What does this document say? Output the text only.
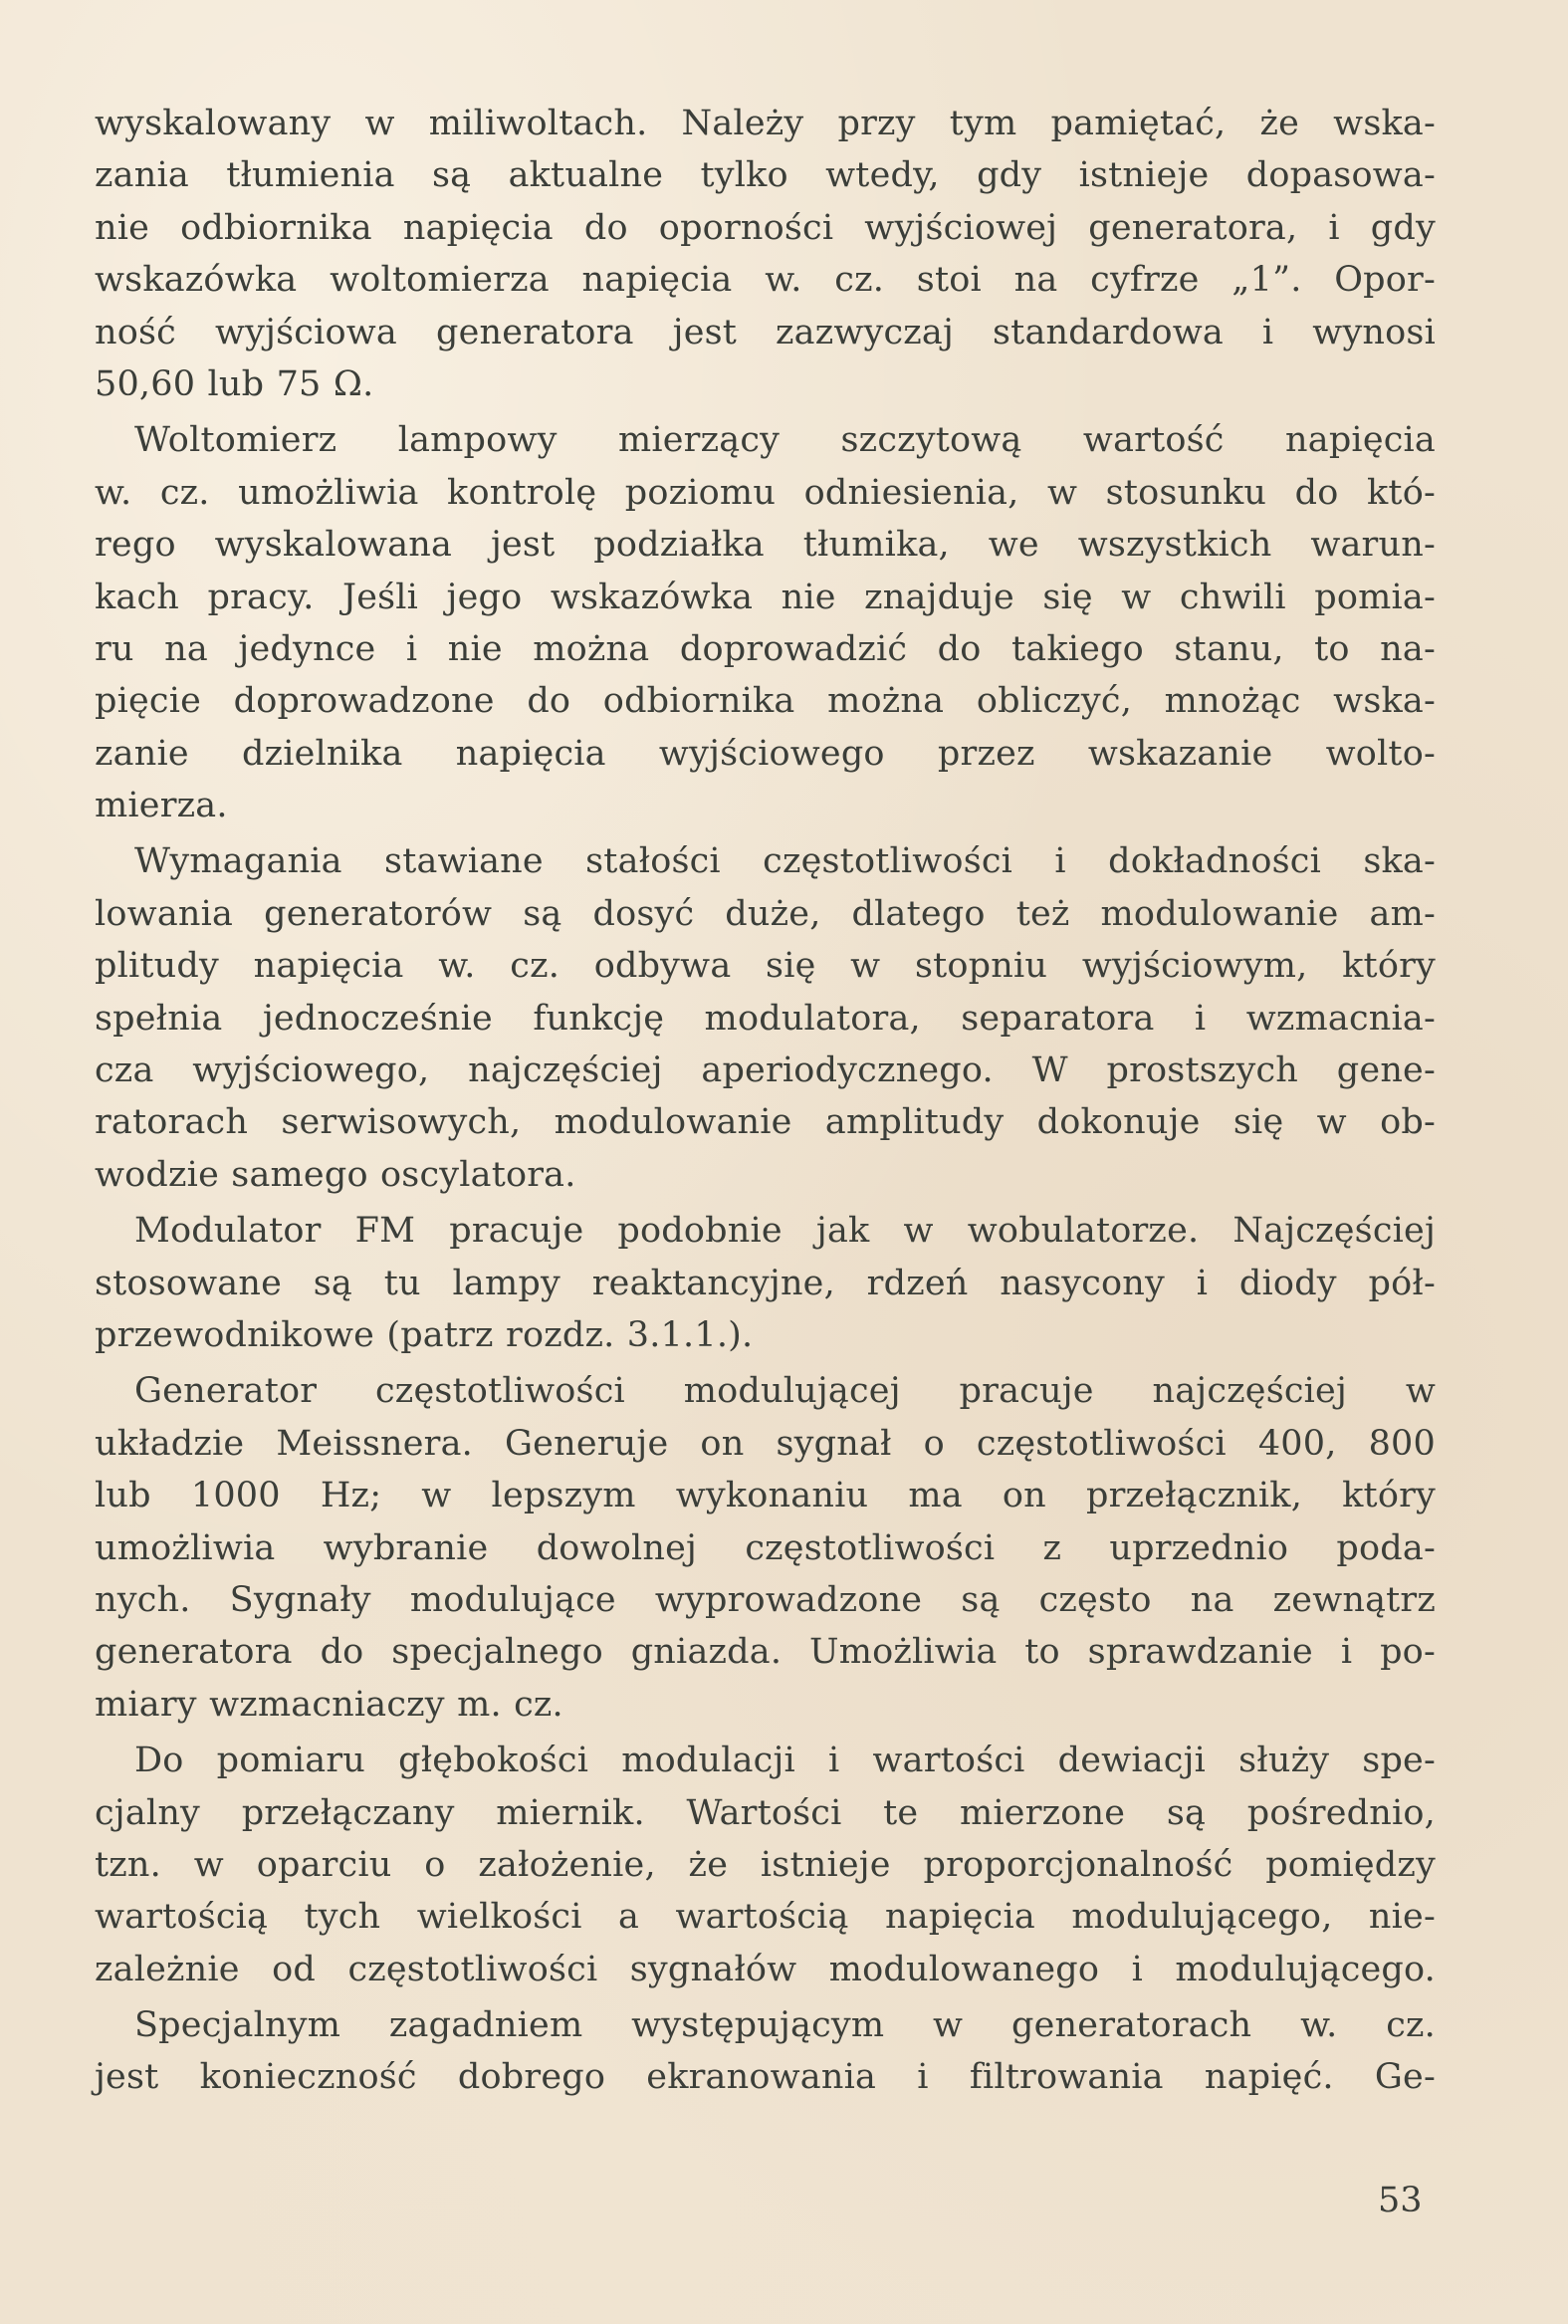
wyskalowany w miliwoltach. Należy przy tym pamiętać, że wska-
zania tłumienia są aktualne tylko wtedy, gdy istnieje dopasowa-
nie odbiornika napięcia do oporności wyjściowej generatora, i gdy
wskazówka woltomierza napięcia w. cz. stoi na cyfrze „1”. Opor-
ność wyjściowa generatora jest zazwyczaj standardowa i wynosi
50,60 lub 75 Ω.
Woltomierz lampowy mierzący szczytową wartość napięcia
w. cz. umożliwia kontrolę poziomu odniesienia, w stosunku do któ-
rego wyskalowana jest podziałka tłumika, we wszystkich warun-
kach pracy. Jeśli jego wskazówka nie znajduje się w chwili pomia-
ru na jedynce i nie można doprowadzić do takiego stanu, to na-
pięcie doprowadzone do odbiornika można obliczyć, mnożąc wska-
zanie dzielnika napięcia wyjściowego przez wskazanie wolto-
mierza.
Wymagania stawiane stałości częstotliwości i dokładności ska-
lowania generatorów są dosyć duże, dlatego też modulowanie am-
plitudy napięcia w. cz. odbywa się w stopniu wyjściowym, który
spełnia jednocześnie funkcję modulatora, separatora i wzmacnia-
cza wyjściowego, najczęściej aperiodycznego. W prostszych gene-
ratorach serwisowych, modulowanie amplitudy dokonuje się w ob-
wodzie samego oscylatora.
Modulator FM pracuje podobnie jak w wobulatorze. Najczęściej
stosowane są tu lampy reaktancyjne, rdzeń nasycony i diody pół-
przewodnikowe (patrz rozdz. 3.1.1.).
Generator częstotliwości modulującej pracuje najczęściej w
układzie Meissnera. Generuje on sygnał o częstotliwości 400, 800
lub 1000 Hz; w lepszym wykonaniu ma on przełącznik, który
umożliwia wybranie dowolnej częstotliwości z uprzednio poda-
nych. Sygnały modulujące wyprowadzone są często na zewnątrz
generatora do specjalnego gniazda. Umożliwia to sprawdzanie i po-
miary wzmacniaczy m. cz.
Do pomiaru głębokości modulacji i wartości dewiacji służy spe-
cjalny przełączany miernik. Wartości te mierzone są pośrednio,
tzn. w oparciu o założenie, że istnieje proporcjonalność pomiędzy
wartością tych wielkości a wartością napięcia modulującego, nie-
zależnie od częstotliwości sygnałów modulowanego i modulującego.
Specjalnym zagadniem występującym w generatorach w. cz.
jest konieczność dobrego ekranowania i filtrowania napięć. Ge-
53
